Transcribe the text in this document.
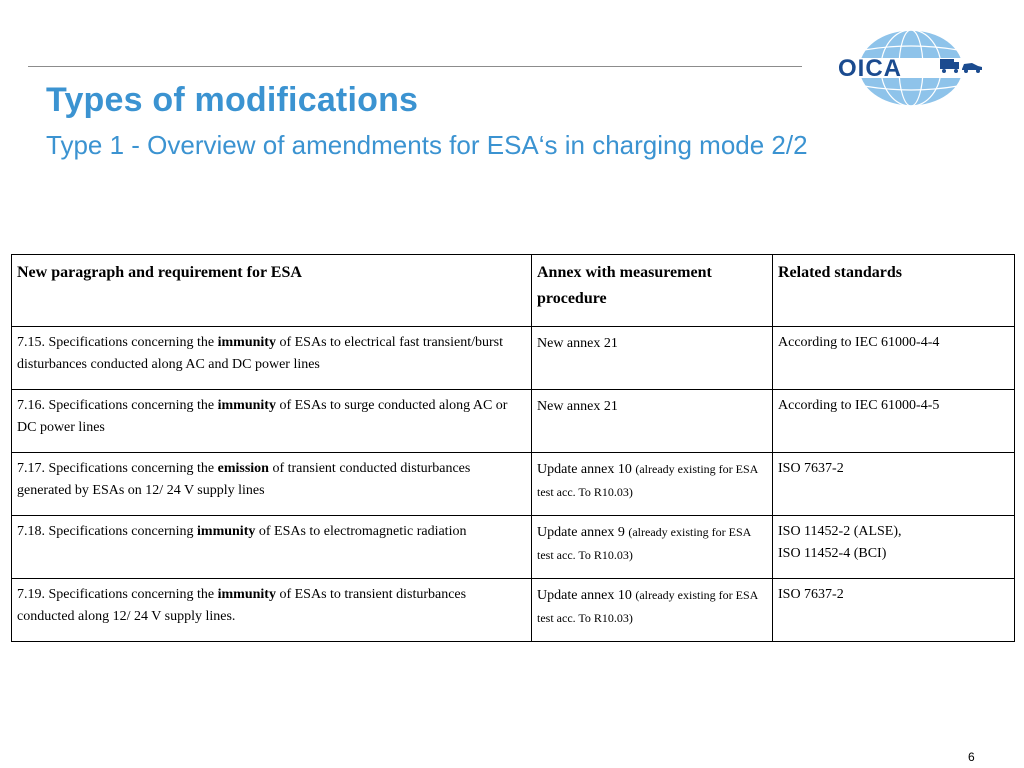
OICA
Types of modifications
Type 1 - Overview of amendments for ESA‘s in charging mode 2/2
New paragraph and requirement for ESA	Annex with measurement procedure	Related standards
7.15. Specifications concerning the immunity of ESAs to electrical fast transient/burst disturbances conducted along AC and DC power lines	New annex 21	According to IEC 61000-4-4
7.16. Specifications concerning the immunity of ESAs to surge conducted along AC or DC power lines	New annex 21	According to IEC 61000-4-5
7.17. Specifications concerning the emission of transient conducted disturbances generated by ESAs on 12/ 24 V supply lines	Update annex 10 (already existing for ESA test acc. To R10.03)	ISO 7637-2
7.18. Specifications concerning immunity of ESAs to electromagnetic radiation	Update annex 9 (already existing for ESA test acc. To R10.03)	ISO 11452-2 (ALSE),
ISO 11452-4 (BCI)
7.19. Specifications concerning the immunity of ESAs to transient disturbances conducted along 12/ 24 V supply lines.	Update annex 10 (already existing for ESA test acc. To R10.03)	ISO 7637-2
6
